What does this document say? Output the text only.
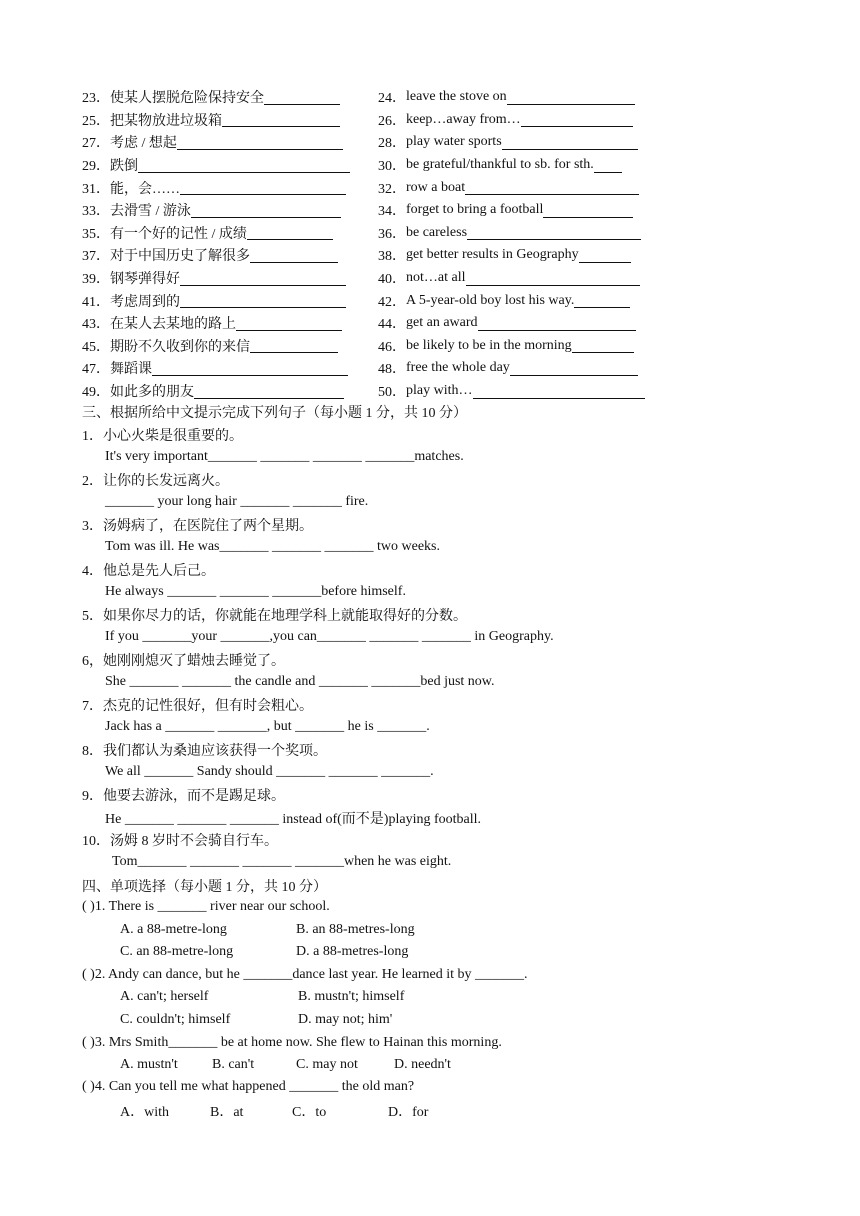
23． 使某人摆脱危险保持安全	24． leave the stove on
25． 把某物放进垃圾箱	26． keep…away from…
27． 考虑 / 想起	28． play water sports
29． 跌倒	30． be grateful/thankful to sb. for sth.
31． 能，会……	32． row a boat
33． 去滑雪 / 游泳	34． forget to bring a football
35． 有一个好的记性 / 成绩	36． be careless
37． 对于中国历史了解很多	38． get better results in Geography
39． 钢琴弹得好	40． not…at all
41． 考虑周到的	42． A 5-year-old boy lost his way.
43． 在某人去某地的路上	44． get an award
45． 期盼不久收到你的来信	46． be likely to be in the morning
47． 舞蹈课	48． free the whole day
49． 如此多的朋友	50． play with…
三、根据所给中文提示完成下列句子（每小题 1 分，共 10 分）
1．小心火柴是很重要的。
It's very important_______ _______ _______ _______matches.
2．让你的长发远离火。
_______ your long hair _______ _______ fire.
3．汤姆病了，在医院住了两个星期。
Tom was ill. He was_______ _______ _______ two weeks.
4．他总是先人后己。
He always _______ _______ _______before himself.
5．如果你尽力的话，你就能在地理学科上就能取得好的分数。
If you _______your _______,you can_______ _______ _______ in Geography.
6，她刚刚熄灭了蜡烛去睡觉了。
She _______ _______ the candle and _______ _______bed just now.
7．杰克的记性很好，但有时会粗心。
Jack has a _______ _______, but _______ he is _______.
8．我们都认为桑迪应该获得一个奖项。
We all _______ Sandy should _______ _______ _______.
9．他要去游泳，而不是踢足球。
He _______ _______ _______ instead of(而不是)playing football.
10．汤姆 8 岁时不会骑自行车。
Tom_______ _______ _______ _______when he was eight.
四、单项选择（每小题 1 分，共 10 分）
( )1. There is _______ river near our school.
A. a 88-metre-long	B. an 88-metres-long
C. an 88-metre-long	D. a 88-metres-long
( )2. Andy can dance, but he _______dance last year. He learned it by _______.
A. can't; herself	B. mustn't; himself
C. couldn't; himself	D. may not; him'
( )3. Mrs Smith_______ be at home now. She flew to Hainan this morning.
A. mustn't B. can't	C. may not	D. needn't
( )4. Can you tell me what happened _______ the old man?
A．with	B．at	C．to	D．for
